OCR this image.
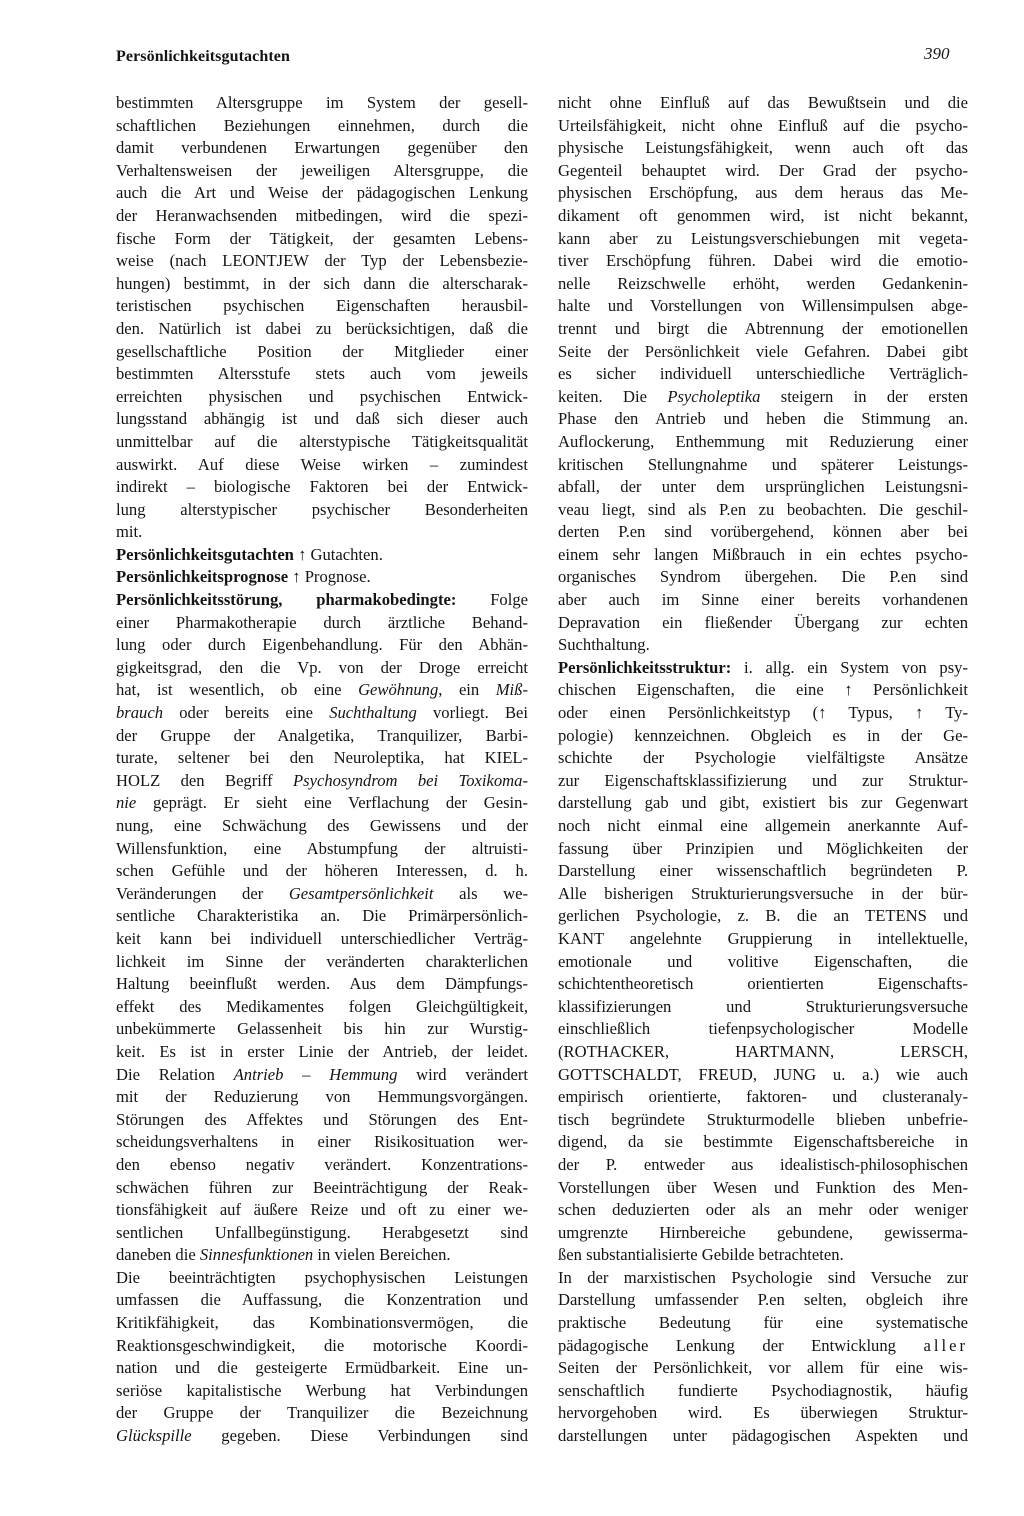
Persönlichkeitsgutachten	390
bestimmten Altersgruppe im System der gesell-
schaftlichen Beziehungen einnehmen, durch die
damit verbundenen Erwartungen gegenüber den
Verhaltensweisen der jeweiligen Altersgruppe, die
auch die Art und Weise der pädagogischen Lenkung
der Heranwachsenden mitbedingen, wird die spezi-
fische Form der Tätigkeit, der gesamten Lebens-
weise (nach LEONTJEW der Typ der Lebensbezie-
hungen) bestimmt, in der sich dann die alterscharak-
teristischen psychischen Eigenschaften herausbil-
den. Natürlich ist dabei zu berücksichtigen, daß die
gesellschaftliche Position der Mitglieder einer
bestimmten Altersstufe stets auch vom jeweils
erreichten physischen und psychischen Entwick-
lungsstand abhängig ist und daß sich dieser auch
unmittelbar auf die alterstypische Tätigkeitsqualität
auswirkt. Auf diese Weise wirken – zumindest
indirekt – biologische Faktoren bei der Entwick-
lung alterstypischer psychischer Besonderheiten
mit.
Persönlichkeitsgutachten ↑ Gutachten.
Persönlichkeitsprognose ↑ Prognose.
Persönlichkeitsstörung, pharmakobedingte: Folge
einer Pharmakotherapie durch ärztliche Behand-
lung oder durch Eigenbehandlung. Für den Abhän-
gigkeitsgrad, den die Vp. von der Droge erreicht
hat, ist wesentlich, ob eine Gewöhnung, ein Miß-
brauch oder bereits eine Suchthaltung vorliegt. Bei
der Gruppe der Analgetika, Tranquilizer, Barbi-
turate, seltener bei den Neuroleptika, hat KIEL-
HOLZ den Begriff Psychosyndrom bei Toxikoma-
nie geprägt. Er sieht eine Verflachung der Gesin-
nung, eine Schwächung des Gewissens und der
Willensfunktion, eine Abstumpfung der altruisti-
schen Gefühle und der höheren Interessen, d. h.
Veränderungen der Gesamtpersönlichkeit als we-
sentliche Charakteristika an. Die Primärpersönlich-
keit kann bei individuell unterschiedlicher Verträg-
lichkeit im Sinne der veränderten charakterlichen
Haltung beeinflußt werden. Aus dem Dämpfungs-
effekt des Medikamentes folgen Gleichgültigkeit,
unbekümmerte Gelassenheit bis hin zur Wurstig-
keit. Es ist in erster Linie der Antrieb, der leidet.
Die Relation Antrieb – Hemmung wird verändert
mit der Reduzierung von Hemmungsvorgängen.
Störungen des Affektes und Störungen des Ent-
scheidungsverhaltens in einer Risikosituation wer-
den ebenso negativ verändert. Konzentrations-
schwächen führen zur Beeinträchtigung der Reak-
tionsfähigkeit auf äußere Reize und oft zu einer we-
sentlichen Unfallbegünstigung. Herabgesetzt sind
daneben die Sinnesfunktionen in vielen Bereichen.
Die beeinträchtigten psychophysischen Leistungen
umfassen die Auffassung, die Konzentration und
Kritikfähigkeit, das Kombinationsvermögen, die
Reaktionsgeschwindigkeit, die motorische Koordi-
nation und die gesteigerte Ermüdbarkeit. Eine un-
seriöse kapitalistische Werbung hat Verbindungen
der Gruppe der Tranquilizer die Bezeichnung
Glückspille gegeben. Diese Verbindungen sind
nicht ohne Einfluß auf das Bewußtsein und die
Urteilsfähigkeit, nicht ohne Einfluß auf die psycho-
physische Leistungsfähigkeit, wenn auch oft das
Gegenteil behauptet wird. Der Grad der psycho-
physischen Erschöpfung, aus dem heraus das Me-
dikament oft genommen wird, ist nicht bekannt,
kann aber zu Leistungsverschiebungen mit vegeta-
tiver Erschöpfung führen. Dabei wird die emotio-
nelle Reizschwelle erhöht, werden Gedankenin-
halte und Vorstellungen von Willensimpulsen abge-
trennt und birgt die Abtrennung der emotionellen
Seite der Persönlichkeit viele Gefahren. Dabei gibt
es sicher individuell unterschiedliche Verträglich-
keiten. Die Psycholeptika steigern in der ersten
Phase den Antrieb und heben die Stimmung an.
Auflockerung, Enthemmung mit Reduzierung einer
kritischen Stellungnahme und späterer Leistungs-
abfall, der unter dem ursprünglichen Leistungsni-
veau liegt, sind als P.en zu beobachten. Die geschil-
derten P.en sind vorübergehend, können aber bei
einem sehr langen Mißbrauch in ein echtes psycho-
organisches Syndrom übergehen. Die P.en sind
aber auch im Sinne einer bereits vorhandenen
Depravation ein fließender Übergang zur echten
Suchthaltung.
Persönlichkeitsstruktur: i. allg. ein System von psy-
chischen Eigenschaften, die eine ↑ Persönlichkeit
oder einen Persönlichkeitstyp (↑ Typus, ↑ Ty-
pologie) kennzeichnen. Obgleich es in der Ge-
schichte der Psychologie vielfältigste Ansätze
zur Eigenschaftsklassifizierung und zur Struktur-
darstellung gab und gibt, existiert bis zur Gegenwart
noch nicht einmal eine allgemein anerkannte Auf-
fassung über Prinzipien und Möglichkeiten der
Darstellung einer wissenschaftlich begründeten P.
Alle bisherigen Strukturierungsversuche in der bür-
gerlichen Psychologie, z. B. die an TETENS und
KANT angelehnte Gruppierung in intellektuelle,
emotionale und volitive Eigenschaften, die
schichtentheoretisch orientierten Eigenschafts-
klassifizierungen und Strukturierungsversuche
einschließlich tiefenpsychologischer Modelle
(ROTHACKER, HARTMANN, LERSCH,
GOTTSCHALDT, FREUD, JUNG u. a.) wie auch
empirisch orientierte, faktoren- und clusteranaly-
tisch begründete Strukturmodelle blieben unbefrie-
digend, da sie bestimmte Eigenschaftsbereiche in
der P. entweder aus idealistisch-philosophischen
Vorstellungen über Wesen und Funktion des Men-
schen deduzierten oder als an mehr oder weniger
umgrenzte Hirnbereiche gebundene, gewisserma-
ßen substantialisierte Gebilde betrachteten.
In der marxistischen Psychologie sind Versuche zur
Darstellung umfassender P.en selten, obgleich ihre
praktische Bedeutung für eine systematische
pädagogische Lenkung der Entwicklung aller
Seiten der Persönlichkeit, vor allem für eine wis-
senschaftlich fundierte Psychodiagnostik, häufig
hervorgehoben wird. Es überwiegen Struktur-
darstellungen unter pädagogischen Aspekten und
